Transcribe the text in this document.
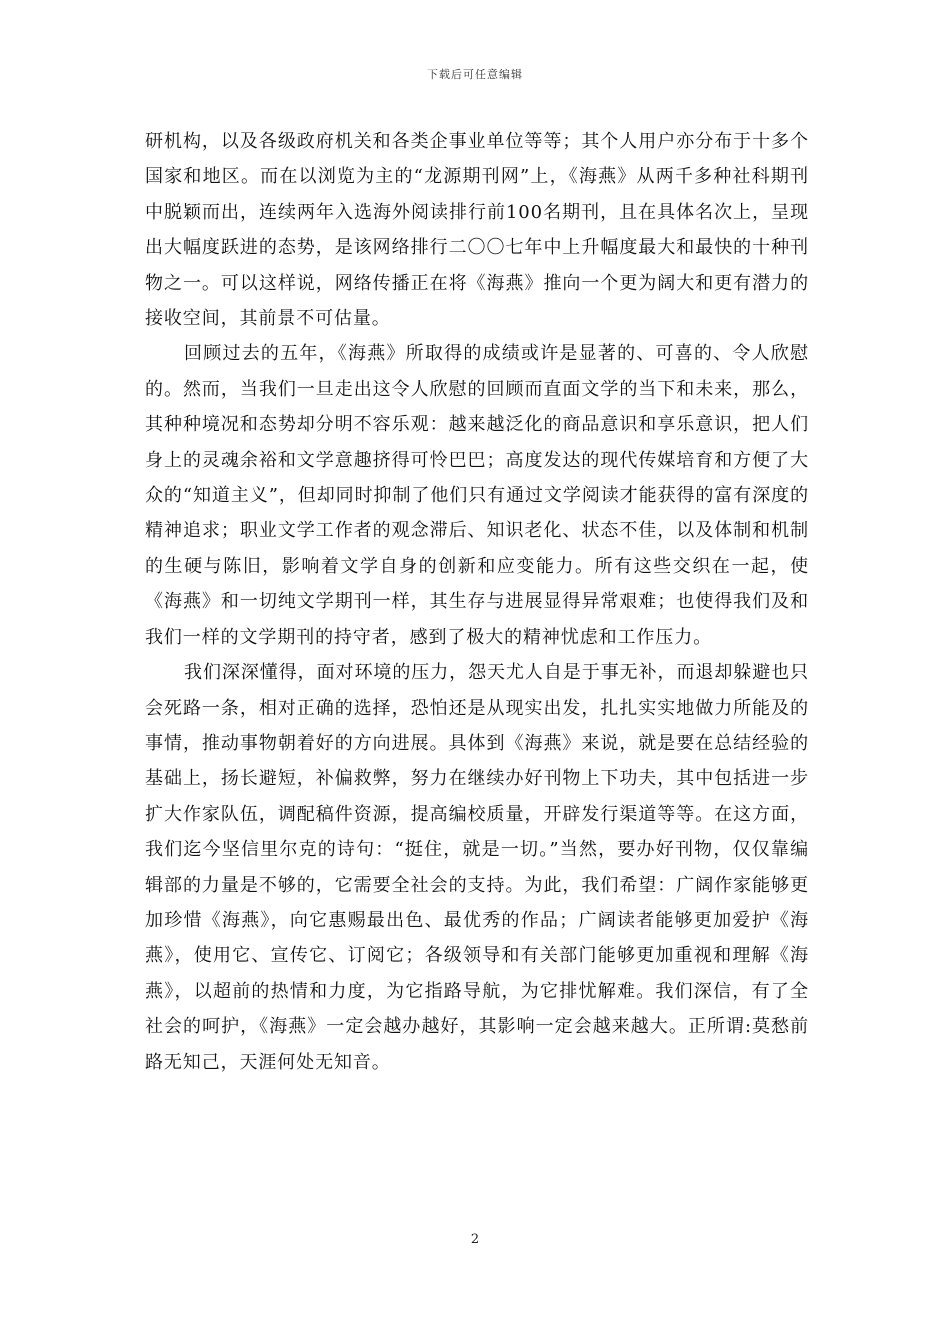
下载后可任意编辑

研机构，以及各级政府机关和各类企事业单位等等；其个人用户亦分布于十多个国家和地区。而在以浏览为主的“龙源期刊网”上，《海燕》从两千多种社科期刊中脱颖而出，连续两年入选海外阅读排行前100名期刊，且在具体名次上，呈现出大幅度跃进的态势，是该网络排行二〇〇七年中上升幅度最大和最快的十种刊物之一。可以这样说，网络传播正在将《海燕》推向一个更为阔大和更有潜力的接收空间，其前景不可估量。

回顾过去的五年，《海燕》所取得的成绩或许是显著的、可喜的、令人欣慰的。然而，当我们一旦走出这令人欣慰的回顾而直面文学的当下和未来，那么，其种种境况和态势却分明不容乐观：越来越泛化的商品意识和享乐意识，把人们身上的灵魂余裕和文学意趣挤得可怜巴巴；高度发达的现代传媒培育和方便了大众的“知道主义”，但却同时抑制了他们只有通过文学阅读才能获得的富有深度的精神追求；职业文学工作者的观念滞后、知识老化、状态不佳，以及体制和机制的生硬与陈旧，影响着文学自身的创新和应变能力。所有这些交织在一起，使《海燕》和一切纯文学期刊一样，其生存与进展显得异常艰难；也使得我们及和我们一样的文学期刊的持守者，感到了极大的精神忧虑和工作压力。

我们深深懂得，面对环境的压力，怨天尤人自是于事无补，而退却躲避也只会死路一条，相对正确的选择，恐怕还是从现实出发，扎扎实实地做力所能及的事情，推动事物朝着好的方向进展。具体到《海燕》来说，就是要在总结经验的基础上，扬长避短，补偏救弊，努力在继续办好刊物上下功夫，其中包括进一步扩大作家队伍，调配稿件资源，提高编校质量，开辟发行渠道等等。在这方面，我们迄今坚信里尔克的诗句：“挺住，就是一切。”当然，要办好刊物，仅仅靠编辑部的力量是不够的，它需要全社会的支持。为此，我们希望：广阔作家能够更加珍惜《海燕》，向它惠赐最出色、最优秀的作品；广阔读者能够更加爱护《海燕》，使用它、宣传它、订阅它；各级领导和有关部门能够更加重视和理解《海燕》，以超前的热情和力度，为它指路导航，为它排忧解难。我们深信，有了全社会的呵护，《海燕》一定会越办越好，其影响一定会越来越大。正所谓:莫愁前路无知己，天涯何处无知音。

2
